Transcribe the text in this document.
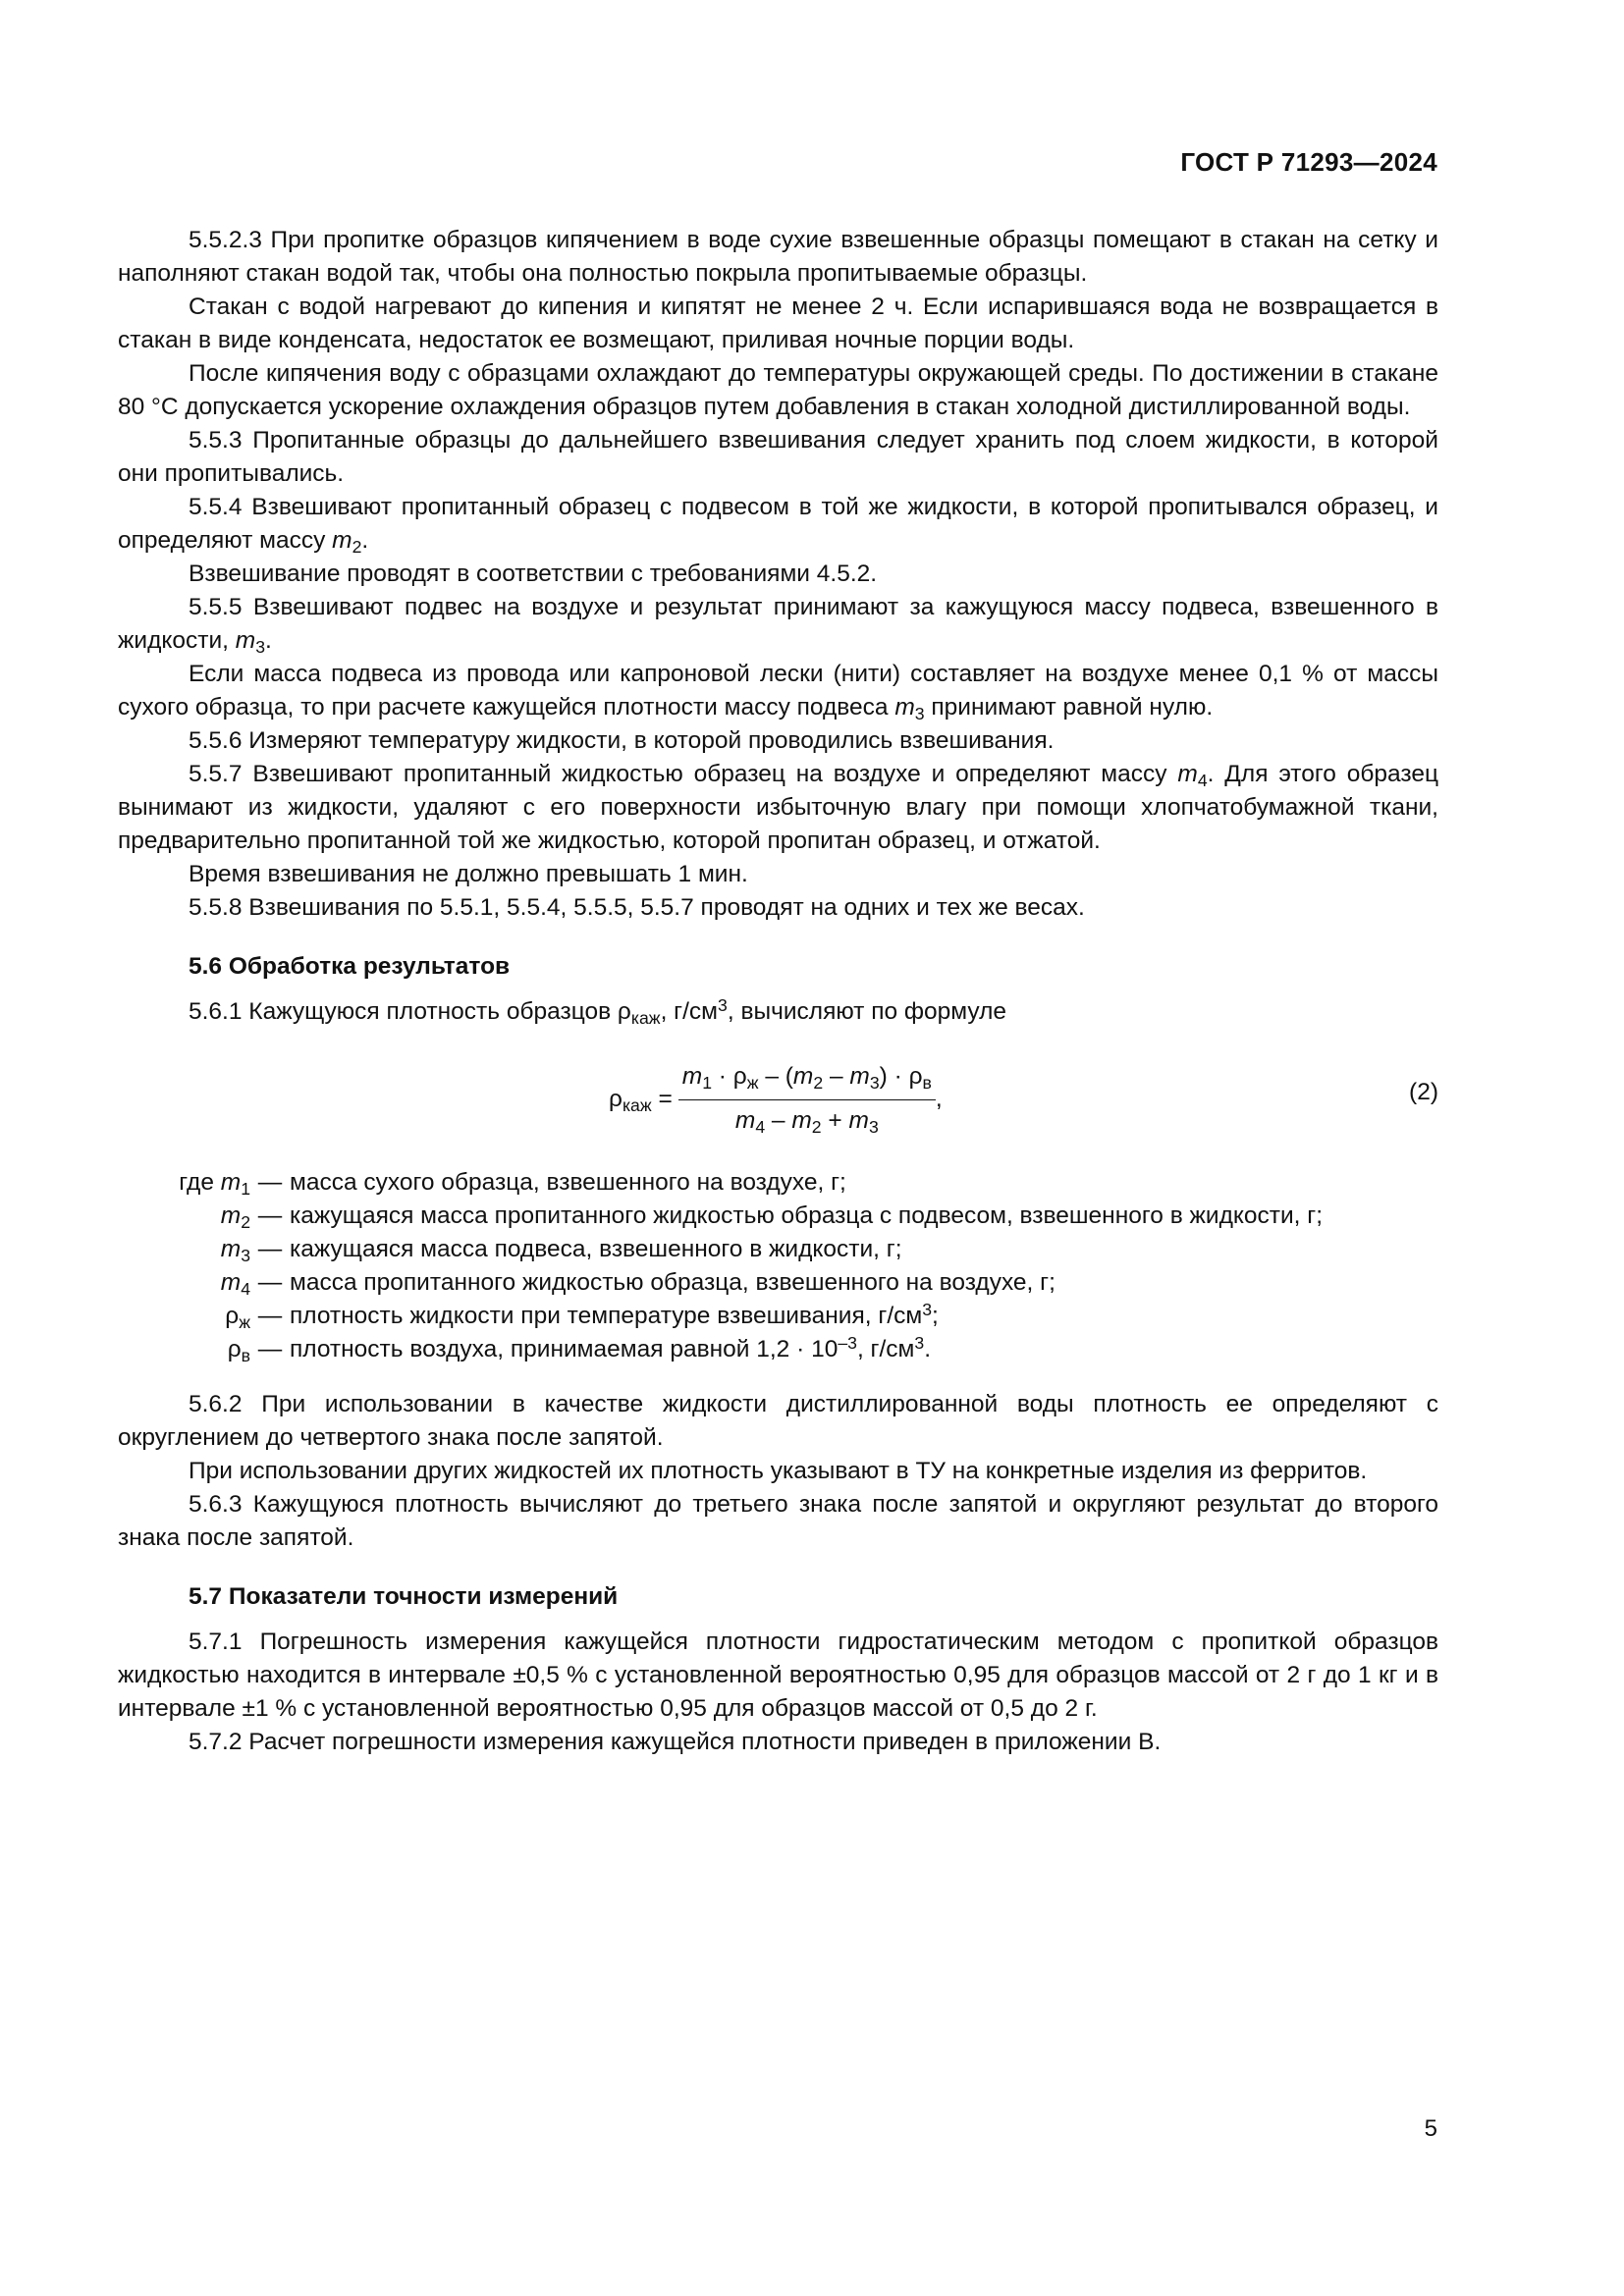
ГОСТ Р 71293—2024

5.5.2.3 При пропитке образцов кипячением в воде сухие взвешенные образцы помещают в стакан на сетку и наполняют стакан водой так, чтобы она полностью покрыла пропитываемые образцы.

Стакан с водой нагревают до кипения и кипятят не менее 2 ч. Если испарившаяся вода не возвращается в стакан в виде конденсата, недостаток ее возмещают, приливая ночные порции воды.

После кипячения воду с образцами охлаждают до температуры окружающей среды. По достижении в стакане 80 °C допускается ускорение охлаждения образцов путем добавления в стакан холодной дистиллированной воды.

5.5.3 Пропитанные образцы до дальнейшего взвешивания следует хранить под слоем жидкости, в которой они пропитывались.

5.5.4 Взвешивают пропитанный образец с подвесом в той же жидкости, в которой пропитывался образец, и определяют массу $m_2$.

Взвешивание проводят в соответствии с требованиями 4.5.2.

5.5.5 Взвешивают подвес на воздухе и результат принимают за кажущуюся массу подвеса, взвешенного в жидкости, $m_3$.

Если масса подвеса из провода или капроновой лески (нити) составляет на воздухе менее 0,1 % от массы сухого образца, то при расчете кажущейся плотности массу подвеса $m_3$ принимают равной нулю.

5.5.6 Измеряют температуру жидкости, в которой проводились взвешивания.

5.5.7 Взвешивают пропитанный жидкостью образец на воздухе и определяют массу $m_4$. Для этого образец вынимают из жидкости, удаляют с его поверхности избыточную влагу при помощи хлопчатобумажной ткани, предварительно пропитанной той же жидкостью, которой пропитан образец, и отжатой.

Время взвешивания не должно превышать 1 мин.

5.5.8 Взвешивания по 5.5.1, 5.5.4, 5.5.5, 5.5.7 проводят на одних и тех же весах.

5.6 Обработка результатов

5.6.1 Кажущуюся плотность образцов $\rho_{каж}$, $г/см^3$, вычисляют по формуле

$\rho_{каж} = \frac{m_1 \cdot \rho_ж - (m_2 - m_3) \cdot \rho_в}{m_4 - m_2 + m_3}$ ,	(2)
где $m_1$ — масса сухого образца, взвешенного на воздухе, г;
$m_2$ — кажущаяся масса пропитанного жидкостью образца с подвесом, взвешенного в жидкости, г;
$m_3$ — кажущаяся масса подвеса, взвешенного в жидкости, г;
$m_4$ — масса пропитанного жидкостью образца, взвешенного на воздухе, г;
$\rho_ж$ — плотность жидкости при температуре взвешивания, $г/см^3$;
$\rho_в$ — плотность воздуха, принимаемая равной $1,2 \cdot 10^{-3}$, $г/см^3$.

5.6.2 При использовании в качестве жидкости дистиллированной воды плотность ее определяют с округлением до четвертого знака после запятой.

При использовании других жидкостей их плотность указывают в ТУ на конкретные изделия из ферритов.

5.6.3 Кажущуюся плотность вычисляют до третьего знака после запятой и округляют результат до второго знака после запятой.

5.7 Показатели точности измерений

5.7.1 Погрешность измерения кажущейся плотности гидростатическим методом с пропиткой образцов жидкостью находится в интервале ±0,5 % с установленной вероятностью 0,95 для образцов массой от 2 г до 1 кг и в интервале ±1 % с установленной вероятностью 0,95 для образцов массой от 0,5 до 2 г.

5.7.2 Расчет погрешности измерения кажущейся плотности приведен в приложении В.

5
